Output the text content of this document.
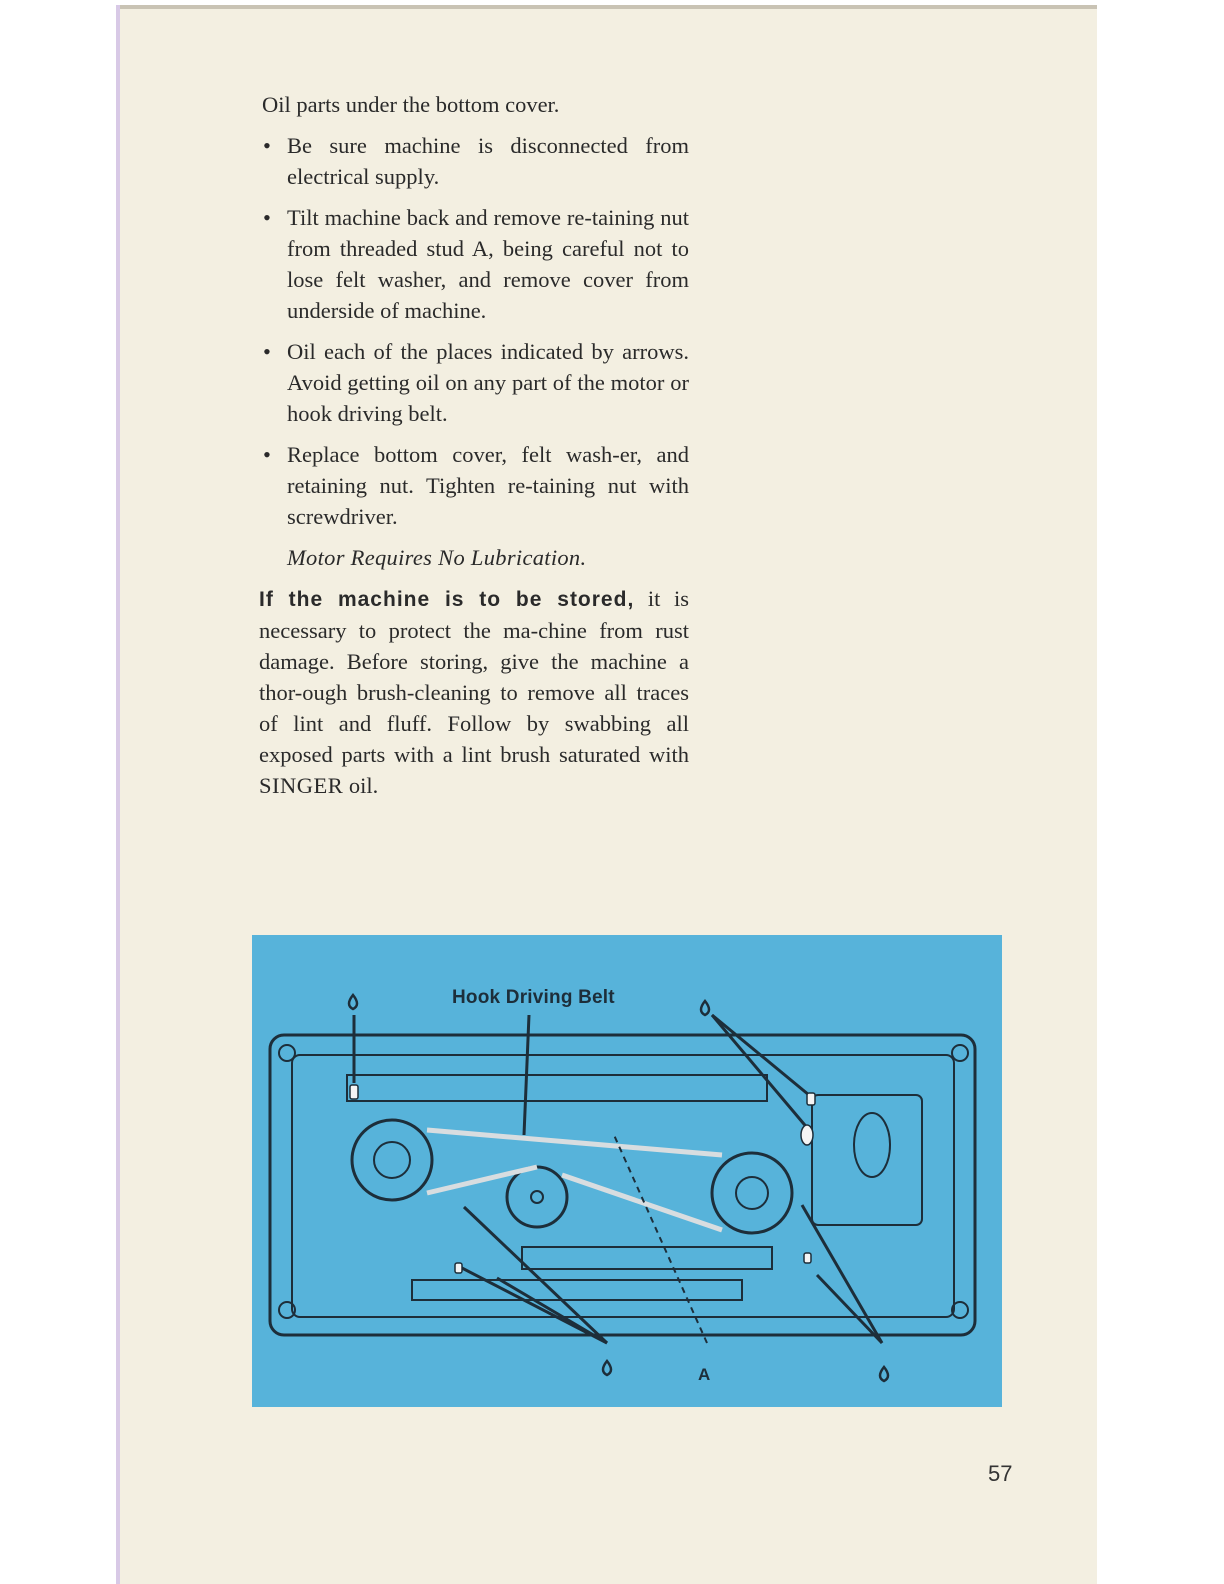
Oil parts under the bottom cover.

• Be sure machine is disconnected from electrical supply.
• Tilt machine back and remove re-taining nut from threaded stud A, being careful not to lose felt washer, and remove cover from underside of machine.
• Oil each of the places indicated by arrows. Avoid getting oil on any part of the motor or hook driving belt.
• Replace bottom cover, felt wash-er, and retaining nut. Tighten re-taining nut with screwdriver.

Motor Requires No Lubrication.

If the machine is to be stored, it is necessary to protect the ma-chine from rust damage. Before storing, give the machine a thor-ough brush-cleaning to remove all traces of lint and fluff. Follow by swabbing all exposed parts with a lint brush saturated with SINGER oil.

Hook Driving Belt
A
57
